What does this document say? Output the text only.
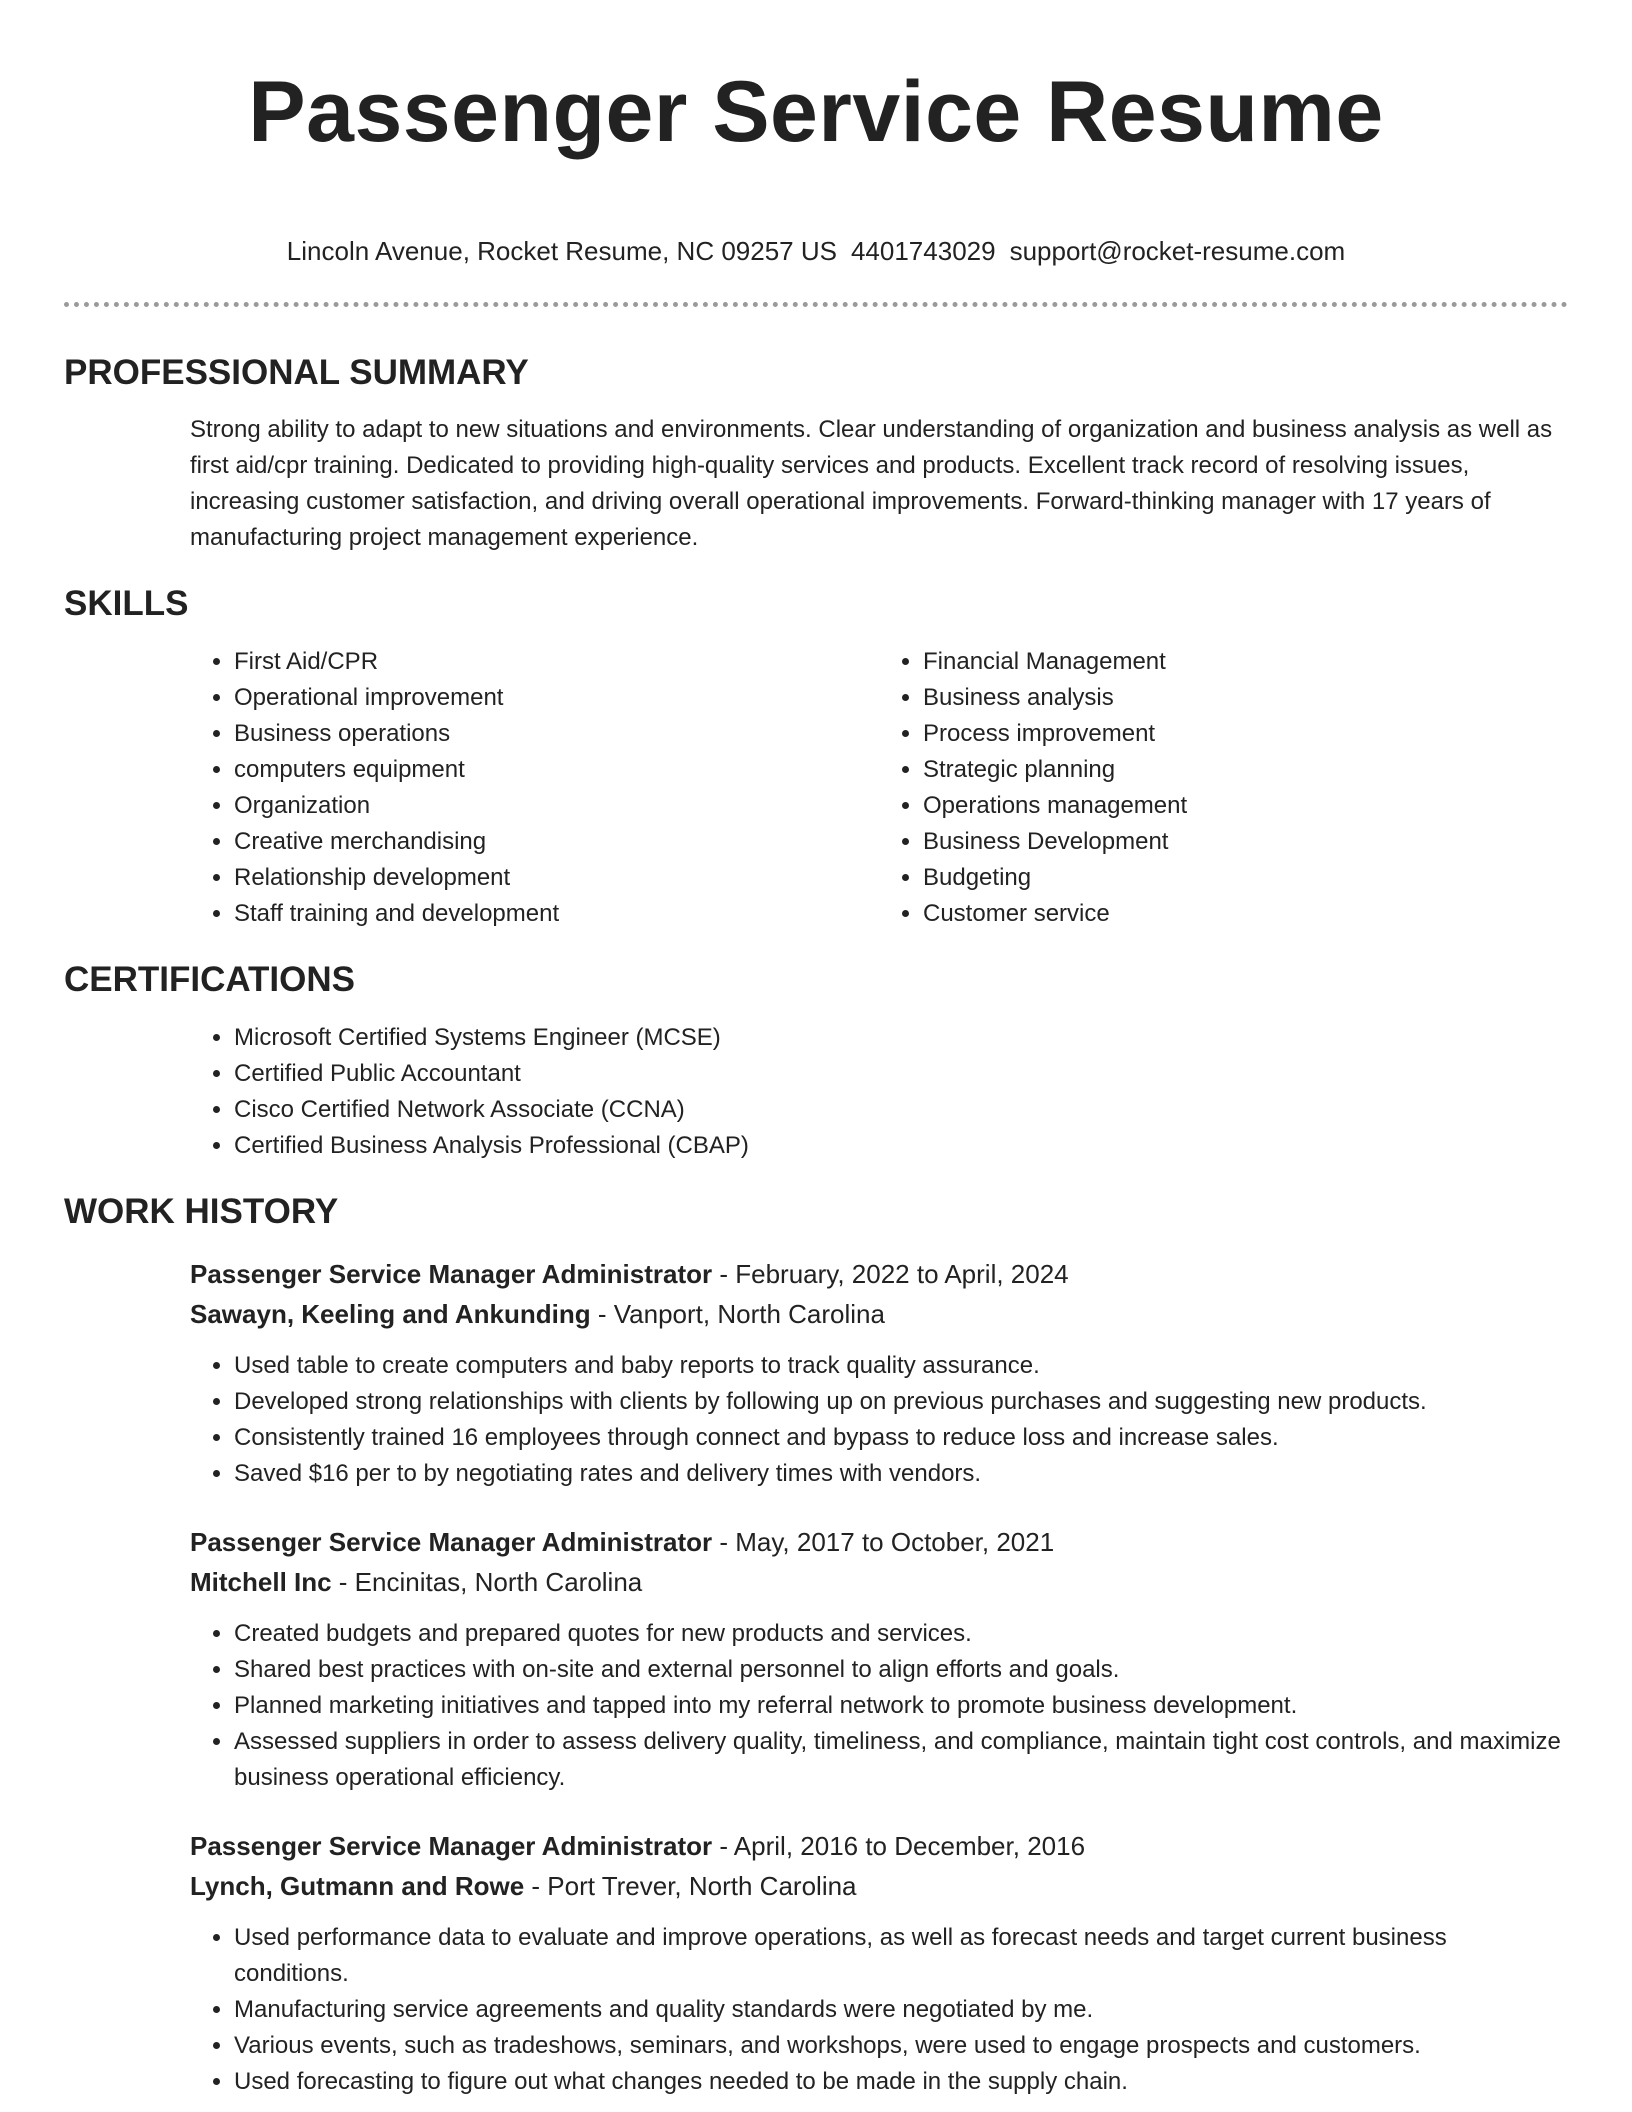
Passenger Service Resume
Lincoln Avenue, Rocket Resume, NC 09257 US 4401743029 support@rocket-resume.com
PROFESSIONAL SUMMARY
Strong ability to adapt to new situations and environments. Clear understanding of organization and business analysis as well as first aid/cpr training. Dedicated to providing high-quality services and products. Excellent track record of resolving issues, increasing customer satisfaction, and driving overall operational improvements. Forward-thinking manager with 17 years of manufacturing project management experience.
SKILLS
• First Aid/CPR
• Operational improvement
• Business operations
• computers equipment
• Organization
• Creative merchandising
• Relationship development
• Staff training and development
• Financial Management
• Business analysis
• Process improvement
• Strategic planning
• Operations management
• Business Development
• Budgeting
• Customer service
CERTIFICATIONS
• Microsoft Certified Systems Engineer (MCSE)
• Certified Public Accountant
• Cisco Certified Network Associate (CCNA)
• Certified Business Analysis Professional (CBAP)
WORK HISTORY
Passenger Service Manager Administrator - February, 2022 to April, 2024
Sawayn, Keeling and Ankunding - Vanport, North Carolina
• Used table to create computers and baby reports to track quality assurance.
• Developed strong relationships with clients by following up on previous purchases and suggesting new products.
• Consistently trained 16 employees through connect and bypass to reduce loss and increase sales.
• Saved $16 per to by negotiating rates and delivery times with vendors.
Passenger Service Manager Administrator - May, 2017 to October, 2021
Mitchell Inc - Encinitas, North Carolina
• Created budgets and prepared quotes for new products and services.
• Shared best practices with on-site and external personnel to align efforts and goals.
• Planned marketing initiatives and tapped into my referral network to promote business development.
• Assessed suppliers in order to assess delivery quality, timeliness, and compliance, maintain tight cost controls, and maximize business operational efficiency.
Passenger Service Manager Administrator - April, 2016 to December, 2016
Lynch, Gutmann and Rowe - Port Trever, North Carolina
• Used performance data to evaluate and improve operations, as well as forecast needs and target current business conditions.
• Manufacturing service agreements and quality standards were negotiated by me.
• Various events, such as tradeshows, seminars, and workshops, were used to engage prospects and customers.
• Used forecasting to figure out what changes needed to be made in the supply chain.
